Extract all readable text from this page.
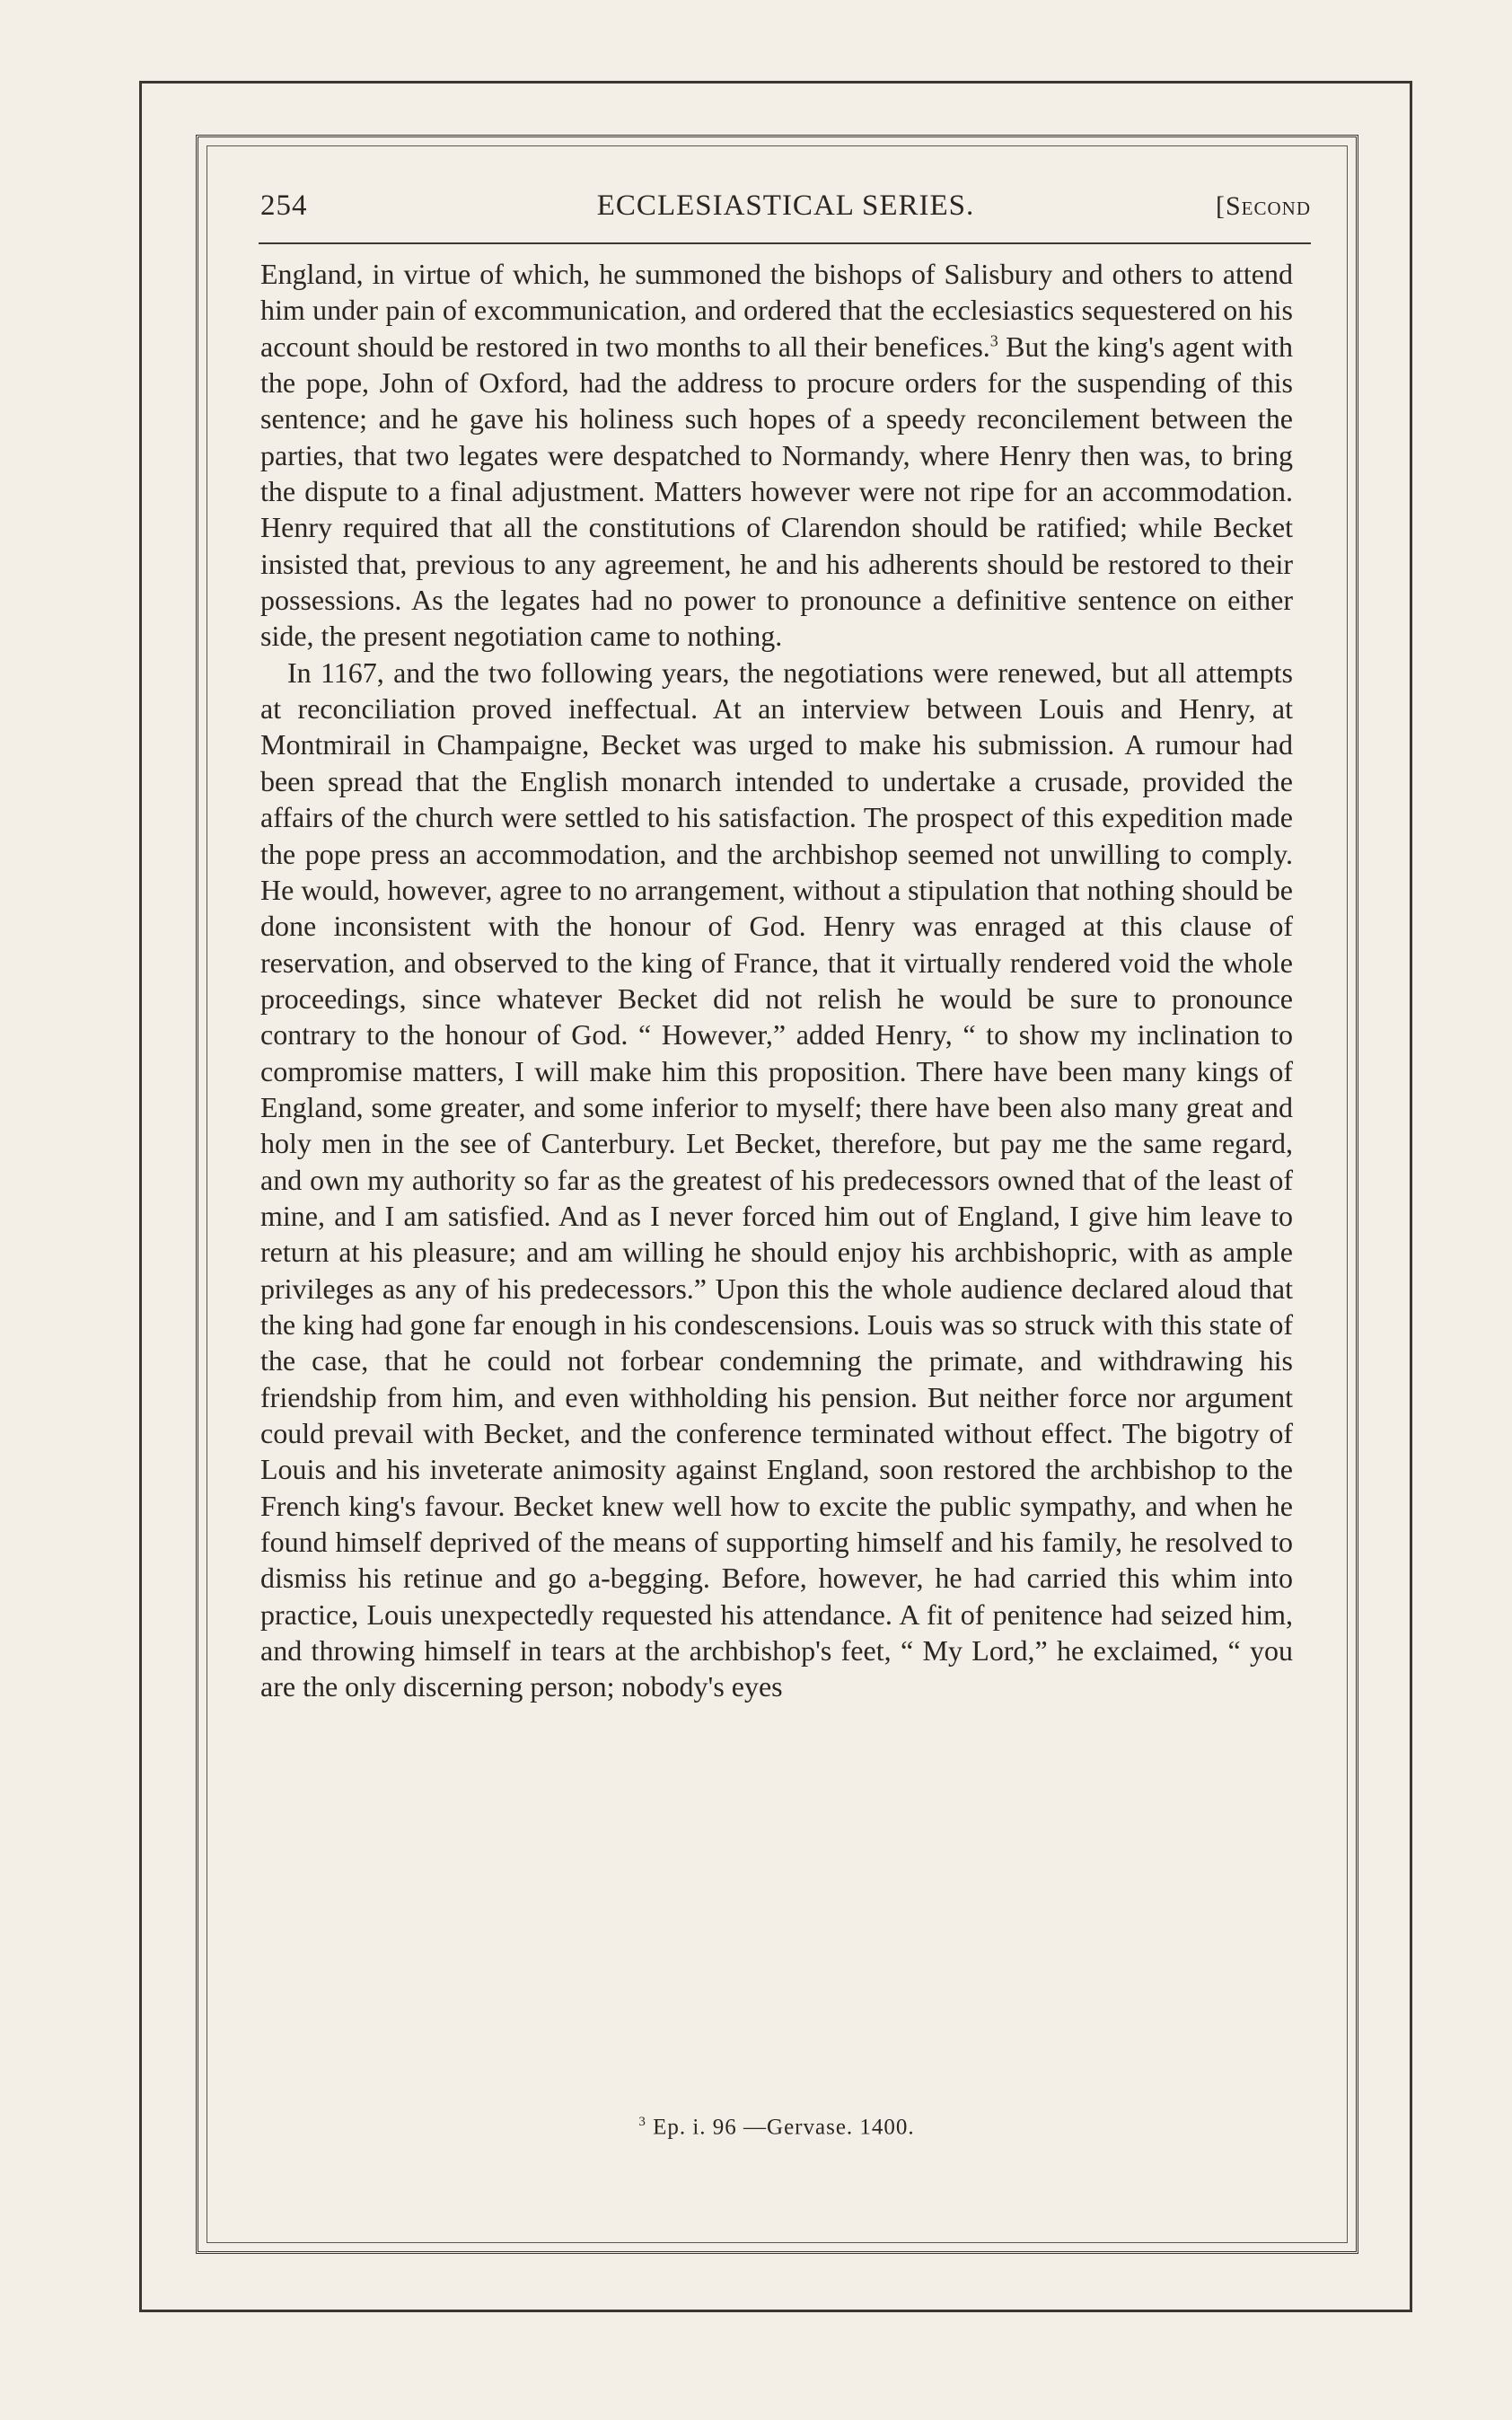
254	ECCLESIASTICAL SERIES.	[Second

England, in virtue of which, he summoned the bishops of Salisbury and others to attend him under pain of excommunication, and ordered that the ecclesiastics sequestered on his account should be restored in two months to all their benefices.$^3$ But the king's agent with the pope, John of Oxford, had the address to procure orders for the suspending of this sentence; and he gave his holiness such hopes of a speedy reconcilement between the parties, that two legates were despatched to Normandy, where Henry then was, to bring the dispute to a final adjustment. Matters however were not ripe for an accommodation. Henry required that all the constitutions of Clarendon should be ratified; while Becket insisted that, previous to any agreement, he and his adherents should be restored to their possessions. As the legates had no power to pronounce a definitive sentence on either side, the present negotiation came to nothing.

In 1167, and the two following years, the negotiations were renewed, but all attempts at reconciliation proved ineffectual. At an interview between Louis and Henry, at Montmirail in Champaigne, Becket was urged to make his submission. A rumour had been spread that the English monarch intended to undertake a crusade, provided the affairs of the church were settled to his satisfaction. The prospect of this expedition made the pope press an accommodation, and the archbishop seemed not unwilling to comply. He would, however, agree to no arrangement, without a stipulation that nothing should be done inconsistent with the honour of God. Henry was enraged at this clause of reservation, and observed to the king of France, that it virtually rendered void the whole proceedings, since whatever Becket did not relish he would be sure to pronounce contrary to the honour of God. “ However,” added Henry, “ to show my inclination to compromise matters, I will make him this proposition. There have been many kings of England, some greater, and some inferior to myself; there have been also many great and holy men in the see of Canterbury. Let Becket, therefore, but pay me the same regard, and own my authority so far as the greatest of his predecessors owned that of the least of mine, and I am satisfied. And as I never forced him out of England, I give him leave to return at his pleasure; and am willing he should enjoy his archbishopric, with as ample privileges as any of his predecessors.” Upon this the whole audience declared aloud that the king had gone far enough in his condescensions. Louis was so struck with this state of the case, that he could not forbear condemning the primate, and withdrawing his friendship from him, and even withholding his pension. But neither force nor argument could prevail with Becket, and the conference terminated without effect. The bigotry of Louis and his inveterate animosity against England, soon restored the archbishop to the French king's favour. Becket knew well how to excite the public sympathy, and when he found himself deprived of the means of supporting himself and his family, he resolved to dismiss his retinue and go a-begging. Before, however, he had carried this whim into practice, Louis unexpectedly requested his attendance. A fit of penitence had seized him, and throwing himself in tears at the archbishop's feet, “ My Lord,” he exclaimed, “ you are the only discerning person; nobody's eyes

$^3$ Ep. i. 96 —Gervase. 1400.
